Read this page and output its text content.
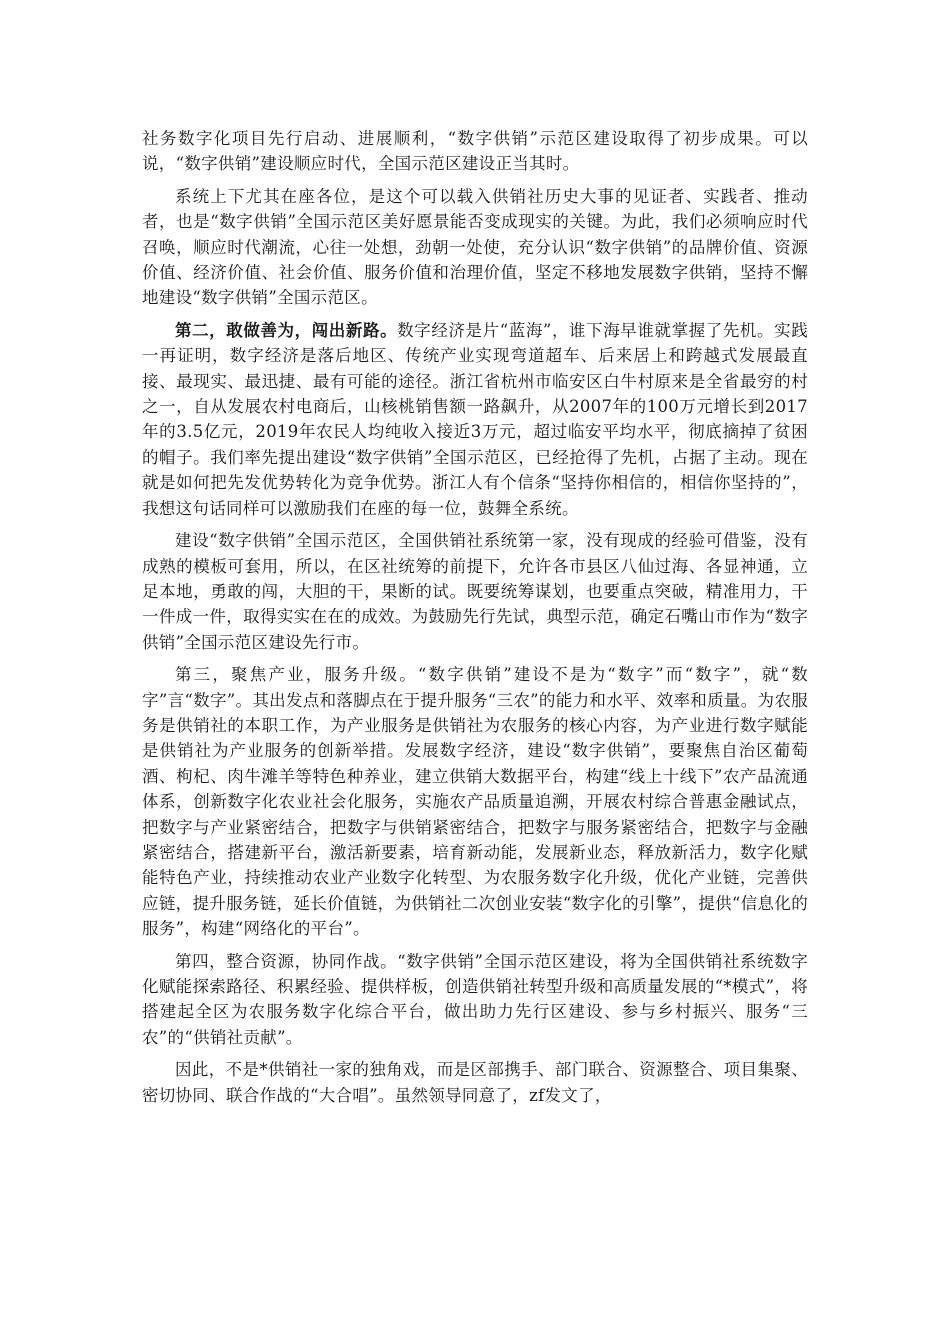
社务数字化项目先行启动、进展顺利，“数字供销”示范区建设取得了初步成果。可以说，“数字供销”建设顺应时代，全国示范区建设正当其时。

系统上下尤其在座各位，是这个可以载入供销社历史大事的见证者、实践者、推动者，也是“数字供销”全国示范区美好愿景能否变成现实的关键。为此，我们必须响应时代召唤，顺应时代潮流，心往一处想，劲朝一处使，充分认识“数字供销”的品牌价值、资源价值、经济价值、社会价值、服务价值和治理价值，坚定不移地发展数字供销，坚持不懈地建设“数字供销”全国示范区。

第二，敢做善为，闯出新路。数字经济是片“蓝海”，谁下海早谁就掌握了先机。实践一再证明，数字经济是落后地区、传统产业实现弯道超车、后来居上和跨越式发展最直接、最现实、最迅捷、最有可能的途径。浙江省杭州市临安区白牛村原来是全省最穷的村之一，自从发展农村电商后，山核桃销售额一路飙升，从2007年的100万元增长到2017年的3.5亿元，2019年农民人均纯收入接近3万元，超过临安平均水平，彻底摘掉了贫困的帽子。我们率先提出建设“数字供销”全国示范区，已经抢得了先机，占据了主动。现在就是如何把先发优势转化为竞争优势。浙江人有个信条“坚持你相信的，相信你坚持的”，我想这句话同样可以激励我们在座的每一位，鼓舞全系统。

建设“数字供销”全国示范区，全国供销社系统第一家，没有现成的经验可借鉴，没有成熟的模板可套用，所以，在区社统筹的前提下，允许各市县区八仙过海、各显神通，立足本地，勇敢的闯，大胆的干，果断的试。既要统筹谋划，也要重点突破，精准用力，干一件成一件，取得实实在在的成效。为鼓励先行先试，典型示范，确定石嘴山市作为“数字供销”全国示范区建设先行市。

第三，聚焦产业，服务升级。“数字供销”建设不是为“数字”而“数字”，就“数字”言“数字”。其出发点和落脚点在于提升服务“三农”的能力和水平、效率和质量。为农服务是供销社的本职工作，为产业服务是供销社为农服务的核心内容，为产业进行数字赋能是供销社为产业服务的创新举措。发展数字经济，建设“数字供销”，要聚焦自治区葡萄酒、枸杞、肉牛滩羊等特色种养业，建立供销大数据平台，构建“线上十线下”农产品流通体系，创新数字化农业社会化服务，实施农产品质量追溯，开展农村综合普惠金融试点，把数字与产业紧密结合，把数字与供销紧密结合，把数字与服务紧密结合，把数字与金融紧密结合，搭建新平台，激活新要素，培育新动能，发展新业态，释放新活力，数字化赋能特色产业，持续推动农业产业数字化转型、为农服务数字化升级，优化产业链，完善供应链，提升服务链，延长价值链，为供销社二次创业安装“数字化的引擎”，提供“信息化的服务”，构建“网络化的平台”。

第四，整合资源，协同作战。“数字供销”全国示范区建设，将为全国供销社系统数字化赋能探索路径、积累经验、提供样板，创造供销社转型升级和高质量发展的“*模式”，将搭建起全区为农服务数字化综合平台，做出助力先行区建设、参与乡村振兴、服务“三农”的“供销社贡献”。

因此，不是*供销社一家的独角戏，而是区部携手、部门联合、资源整合、项目集聚、密切协同、联合作战的“大合唱”。虽然领导同意了，zf发文了，
